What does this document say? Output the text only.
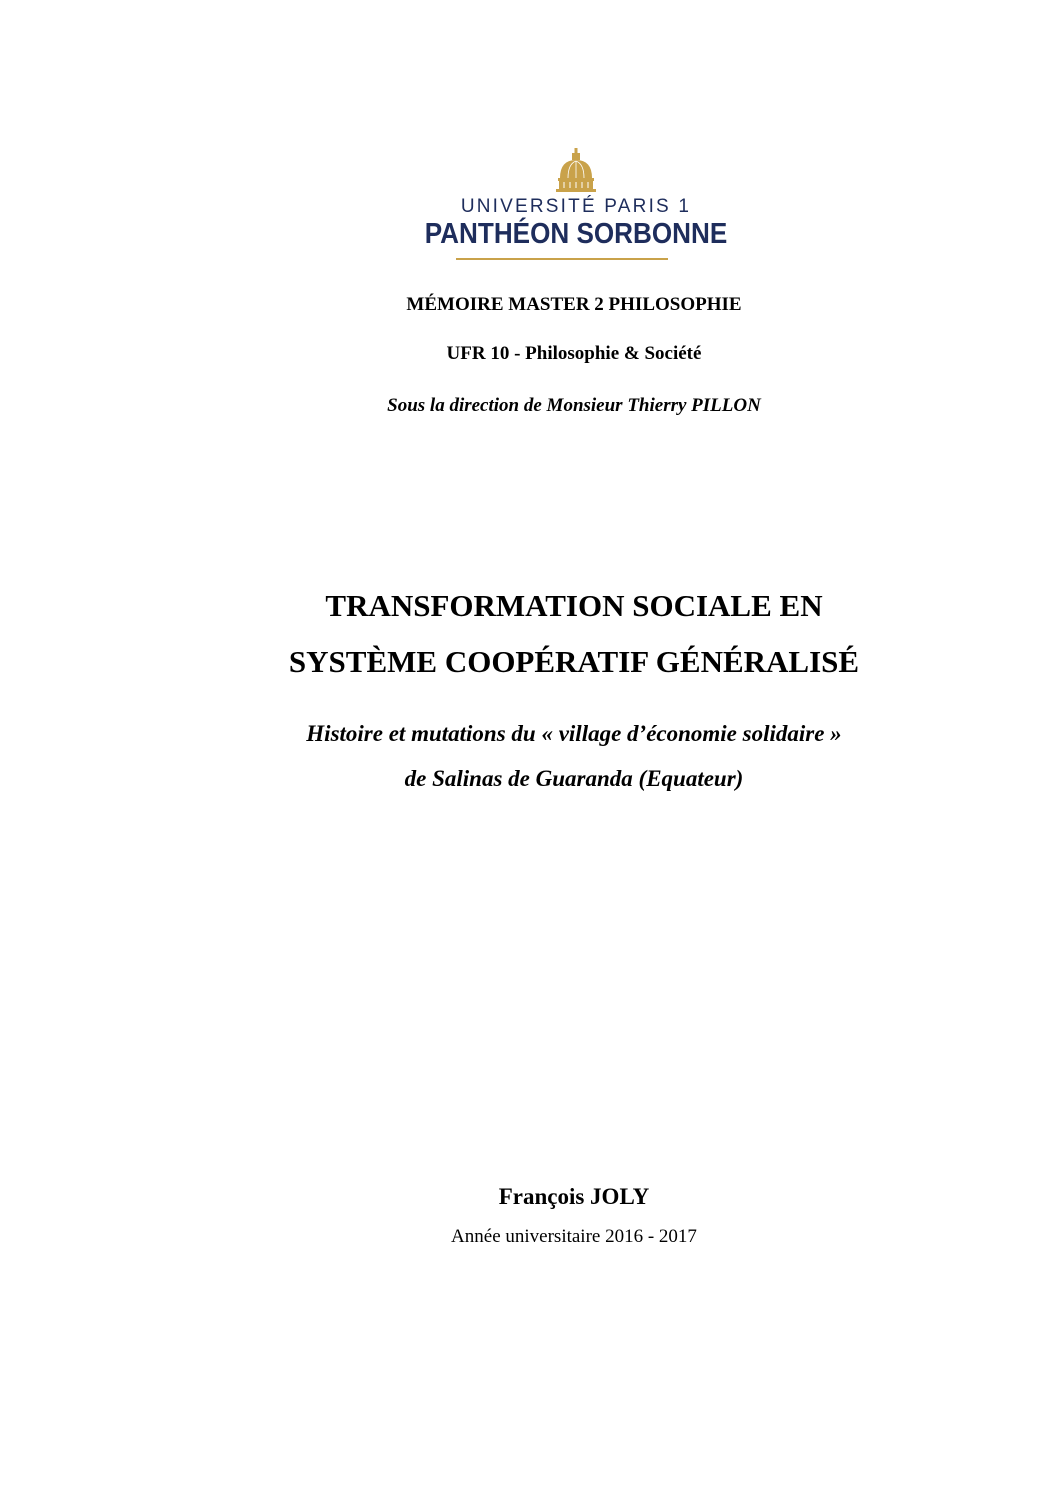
UNIVERSITÉ PARIS 1
PANTHÉON SORBONNE

MÉMOIRE MASTER 2 PHILOSOPHIE

UFR 10 - Philosophie & Société

Sous la direction de Monsieur Thierry PILLON

TRANSFORMATION SOCIALE EN

SYSTÈME COOPÉRATIF GÉNÉRALISÉ

Histoire et mutations du « village d’économie solidaire »

de Salinas de Guaranda (Equateur)

François JOLY

Année universitaire 2016 - 2017
